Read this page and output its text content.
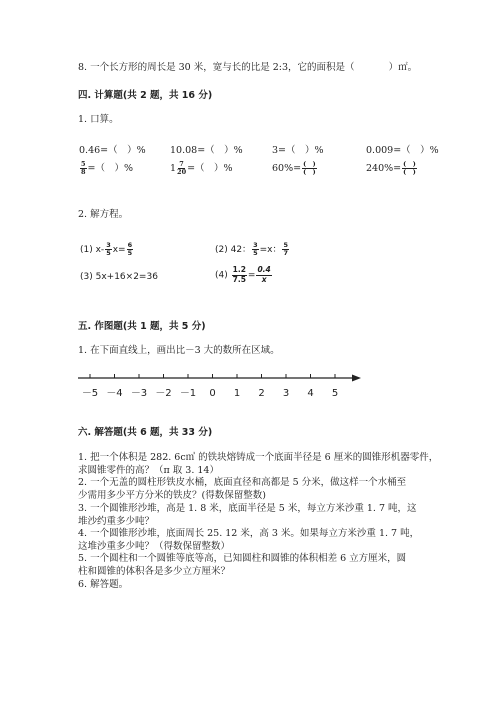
8. 一个长方形的周长是 30 米，宽与长的比是 2:3，它的面积是（	）㎡。
四. 计算题(共 2 题，共 16 分)
1. 口算。
0.46=（　）%	10.08=（　）%	3=（　）%	0.009=（　）%
$\frac{5}{8}$ =（　）%	$1 \frac{7}{20}$ =（　）%	$60\%= \frac{( )}{( )}$	$240\%= \frac{( )}{( )}$
2. 解方程。
(1) $x- \frac{3}{5} x= \frac{6}{5}$	(2) 42： $\frac{3}{5} =x$： $\frac{5}{7}$
(3) 5x+16×2=36	$(4) \frac{1.2}{7.5} = \frac{0.4}{x}$
五. 作图题(共 1 题，共 5 分)
1. 在下面直线上，画出比－3 大的数所在区域。
－5 －4 －3 －2 －1 0 1 2 3 4 5
六. 解答题(共 6 题，共 33 分)
1. 把一个体积是 282. 6c㎥ 的铁块熔铸成一个底面半径是 6 厘米的圆锥形机器零件，
求圆锥零件的高？（π 取 3. 14）
2. 一个无盖的圆柱形铁皮水桶，底面直径和高都是 5 分米，做这样一个水桶至
少需用多少平方分米的铁皮？(得数保留整数)
3. 一个圆锥形沙堆，高是 1. 8 米，底面半径是 5 米，每立方米沙重 1. 7 吨，这
堆沙约重多少吨？
4. 一个圆锥形沙堆，底面周长 25. 12 米，高 3 米。如果每立方米沙重 1. 7 吨，
这堆沙重多少吨？（得数保留整数）
5. 一个圆柱和一个圆锥等底等高，已知圆柱和圆锥的体积相差 6 立方厘米，圆
柱和圆锥的体积各是多少立方厘米？
6. 解答题。
